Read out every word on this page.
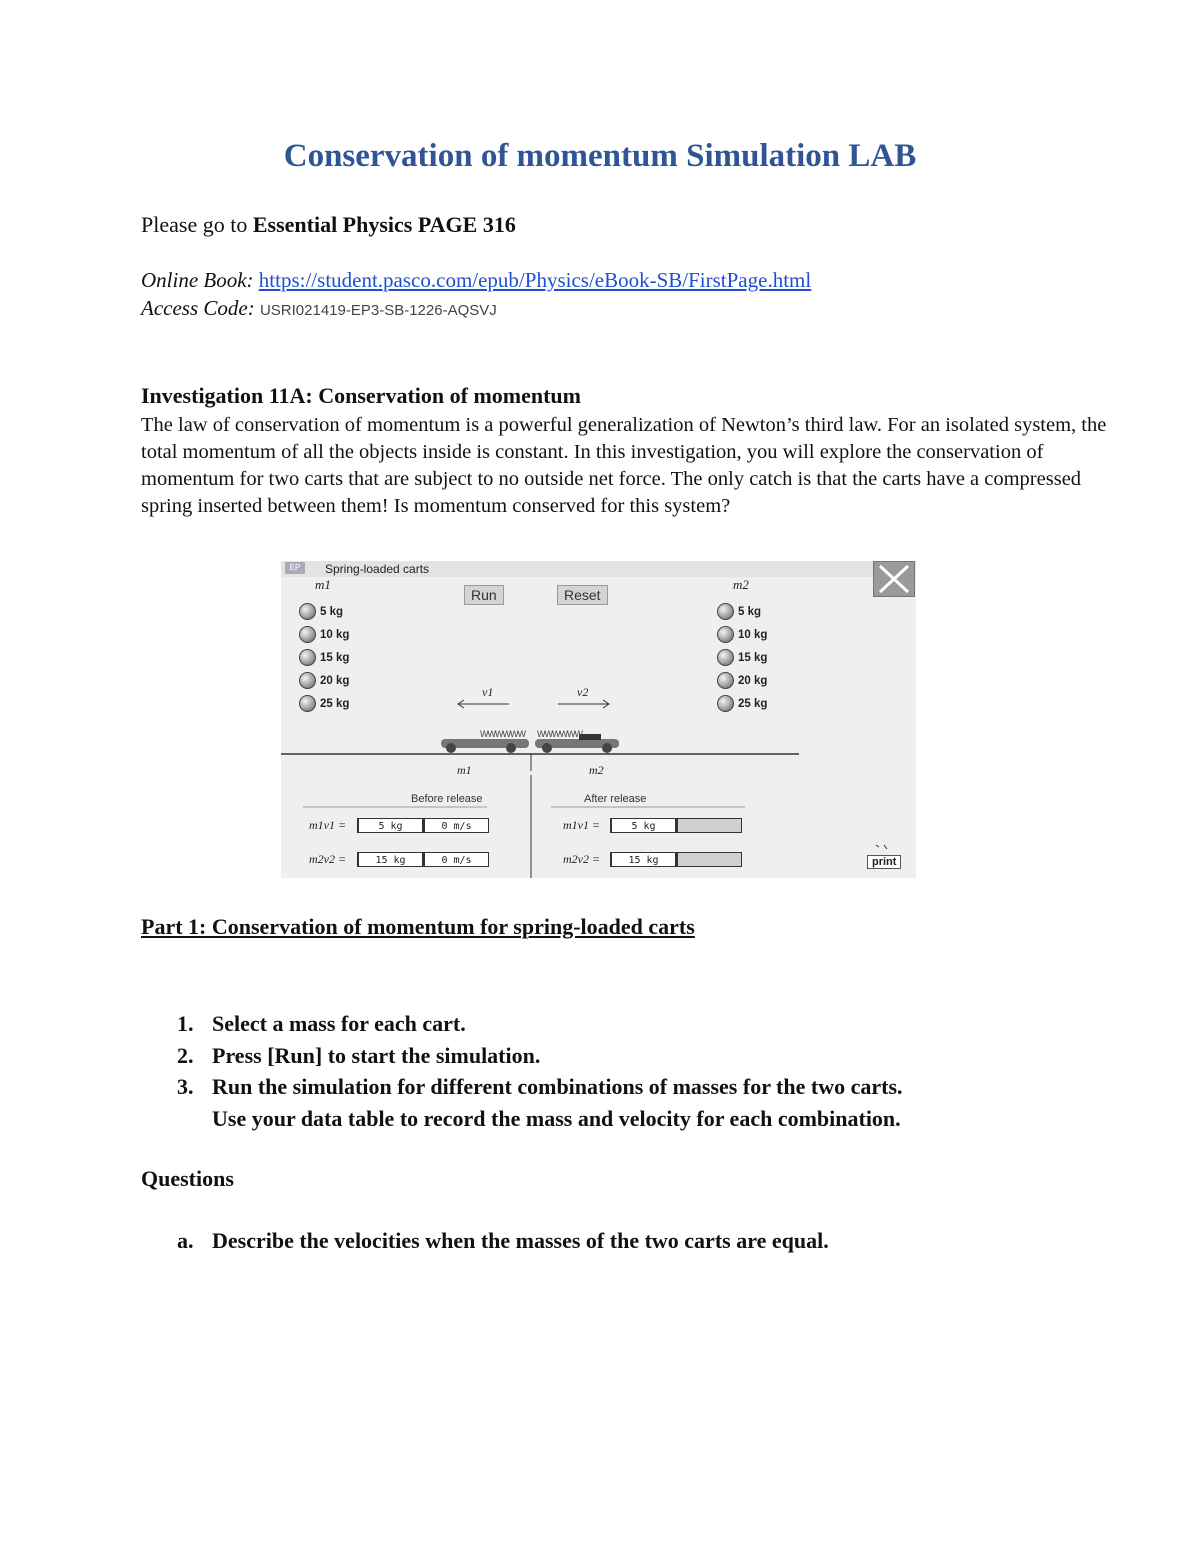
Conservation of momentum Simulation LAB

Please go to Essential Physics PAGE 316

Online Book: https://student.pasco.com/epub/Physics/eBook-SB/FirstPage.html

Access Code: USRI021419-EP3-SB-1226-AQSVJ

Investigation 11A: Conservation of momentum

The law of conservation of momentum is a powerful generalization of Newton’s third law. For an isolated system, the total momentum of all the objects inside is constant. In this investigation, you will explore the conservation of momentum for two carts that are subject to no outside net force. The only catch is that the carts have a compressed spring inserted between them! Is momentum conserved for this system?

EP	Spring-loaded carts
m1	m2
5 kg
10 kg
15 kg
20 kg
25 kg
5 kg
10 kg
15 kg
20 kg
25 kg
Run	Reset
v1	v2
WWWWWW WWWWWW
m1	m2
Before release	After release
m1v1 =	5 kg	0 m/s
m2v2 =	15 kg	0 m/s
m1v1 =	5 kg
m2v2 =	15 kg	print
Part 1: Conservation of momentum for spring-loaded carts
1. Select a mass for each cart.
2. Press [Run] to start the simulation.
3. Run the simulation for different combinations of masses for the two carts.
Use your data table to record the mass and velocity for each combination.
Questions

a. Describe the velocities when the masses of the two carts are equal.
